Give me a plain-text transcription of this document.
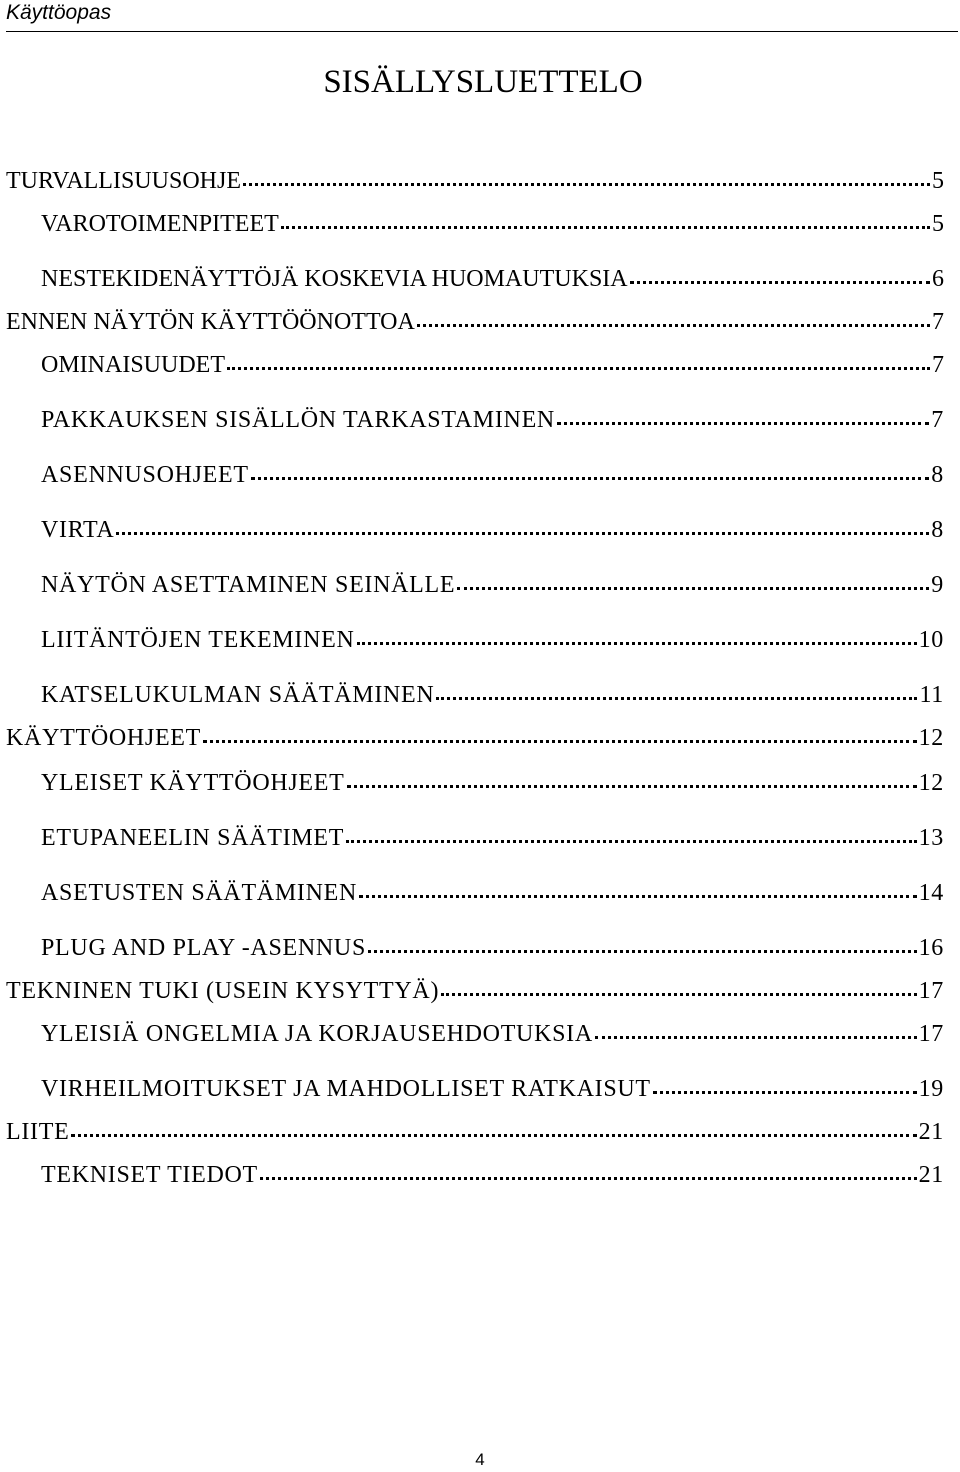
Käyttöopas
SISÄLLYSLUETTELO
TURVALLISUUSOHJE	5
VAROTOIMENPITEET	5
NESTEKIDENÄYTTÖJÄ KOSKEVIA HUOMAUTUKSIA	6
ENNEN NÄYTÖN KÄYTTÖÖNOTTOA	7
OMINAISUUDET	7
PAKKAUKSEN SISÄLLÖN TARKASTAMINEN	7
ASENNUSOHJEET	8
VIRTA	8
NÄYTÖN ASETTAMINEN SEINÄLLE	9
LIITÄNTÖJEN TEKEMINEN	10
KATSELUKULMAN SÄÄTÄMINEN	11
KÄYTTÖOHJEET	12
YLEISET KÄYTTÖOHJEET	12
ETUPANEELIN SÄÄTIMET	13
ASETUSTEN SÄÄTÄMINEN	14
PLUG AND PLAY -ASENNUS	16
TEKNINEN TUKI (USEIN KYSYTTYÄ)	17
YLEISIÄ ONGELMIA JA KORJAUSEHDOTUKSIA	17
VIRHEILMOITUKSET JA MAHDOLLISET RATKAISUT	19
LIITE	21
TEKNISET TIEDOT	21
4
